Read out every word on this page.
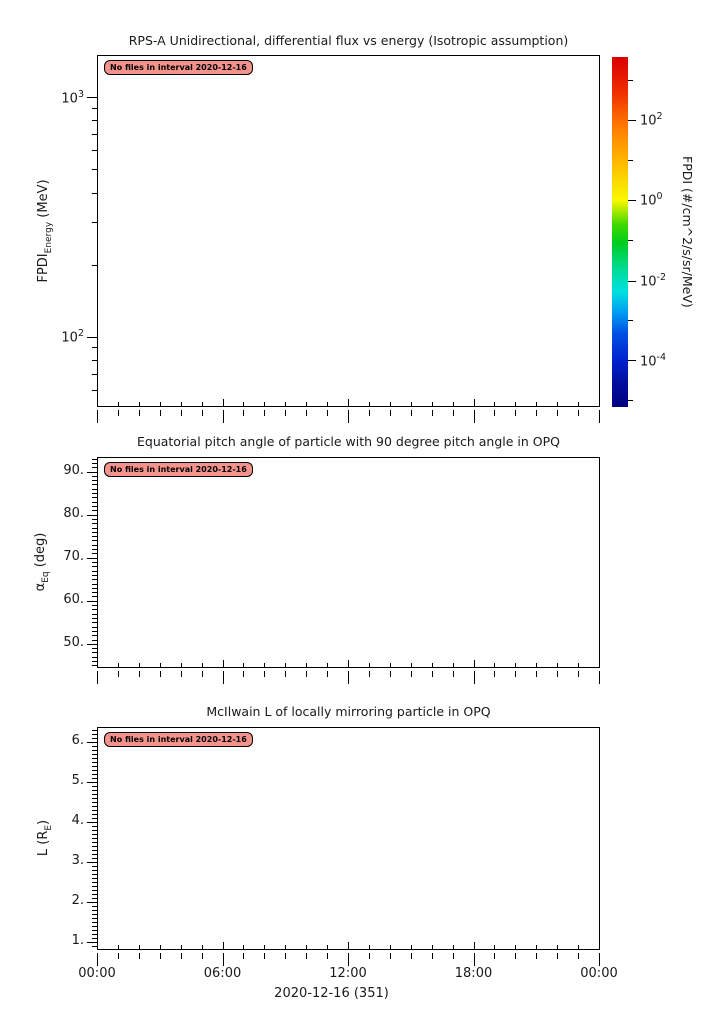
RPS-A Unidirectional, differential flux vs energy (Isotropic assumption)
No files in interval 2020-12-16
$FPDI_{Energy}$ (MeV)	FPDI (#/cm^2/s/sr/MeV)
Equatorial pitch angle of particle with 90 degree pitch angle in OPQ
No files in interval 2020-12-16
$\alpha_{Eq}$ (deg)
McIlwain L of locally mirroring particle in OPQ
No files in interval 2020-12-16
L $(R_E)$
2020-12-16 (351)
$10^3$
$10^2$
90.
80.
70.
60.
50.
6.
5.
4.
3.
2.
1.
00:00	06:00	12:00	18:00	00:00
$10^2$
$10^0$
$10^{-2}$
$10^{-4}$
